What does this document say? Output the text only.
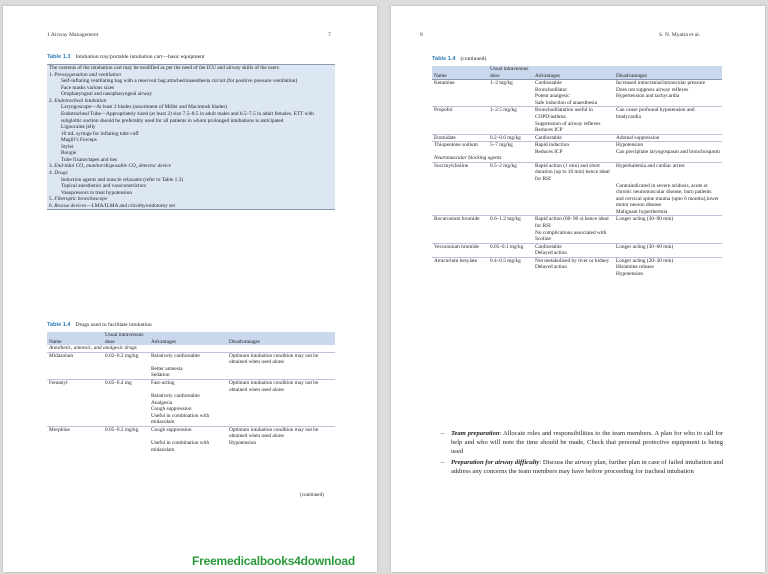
1 Airway Management	7
Table 1.3 Intubation tray/portable intubation cart—basic equipment
The contents of the intubation cart may be modified as per the need of the ICU and airway skills of the users
1. Preoxygenation and ventilation
Self-inflating ventilating bag with a reservoir bag attached/anaesthesia circuit (for positive pressure ventilation)
Face masks various sizes
Oropharyngeal and nasopharyngeal airway
2. Endotracheal intubation
Laryngoscope—At least 2 blades (assortment of Miller and Macintosh blades)
Endotracheal Tube—Appropriately sized (at least 2) size 7.5–8.5 in adult males and 6.5–7.5 in adult females. ETT with subglottic suction should be preferably used for all patients in whom prolonged intubations is anticipated
Lignocaine jelly
10 mL syringe for inflating tube cuff
Magill’s Forceps
Stylet
Bougie
Tube fixator/tapes and ties
3. End-tidal CO₂ monitor/disposable CO₂ detector device
4. Drugs
Induction agents and muscle relaxants (refer to Table 1.3)
Topical anesthetics and vasoconstrictors
Vasopressors to treat hypotension
5. Fiberoptic bronchoscope
6. Rescue devices—LMA/ILMA and cricothyroidotomy set
Table 1.4 Drugs used to facilitate intubation
Name	Usual intravenous dose	Advantages	Disadvantages
Anesthetic, amnesic, and analgesic drugs			
Midazolam	0.02–0.2 mg/kg	Relatively cardiostable	Optimum intubation condition may not be obtained when used alone
		Better amnesia	
		Sedation	
Fentanyl	0.05–0.4 mg	Fast-acting	Optimum intubation condition may not be obtained when used alone
		Relatively cardiostable	
		Analgesia	
		Cough suppression	
		Useful in combination with midazolam	
Morphine	0.05–0.2 mg/kg	Cough suppression	Optimum intubation condition may not be obtained when used alone
		Useful in combination with midazolam	Hypotension
(continued)
Freemedicalbooks4download
8	S. N. Myatra et al.
Table 1.4 (continued)
Name	Usual intravenous dose	Advantages	Disadvantages
Ketamine	1–2 mg/kg	Cardiostable	Increased intracranial/intraocular pressure
		Bronchodilator	Does not suppress airway reflexes
		Potent analgesic	Hypertension and tachycardia
		Safe induction of anaesthesia	
Propofol	1–2.5 mg/kg	Bronchodilatation useful in COPD/asthma	Can cause profound hypotension and bradycardia
		Suppression of airway reflexes	
		Reduces ICP	
Etomidate	0.2–0.6 mg/kg	Cardiostable	Adrenal suppression
Thiopentone sodium	5–7 mg/kg	Rapid induction	Hypotension
		Reduces ICP	Can precipitate laryngospasm and bronchospasm
Neuromuscular blocking agents			
Succinylcholine	0.5–2 mg/kg	Rapid action (1 min) and short duration (up to 10 min) hence ideal for RSI	Hyperkalemia and cardiac arrest
			Contraindicated in severe acidosis, acute or chronic neuromuscular disease, burn patients and cervical spine trauma (upto 6 months),lower motor neuron disease
			Malignant hyperthermia
Rocuronium bromide	0.6–1.2 mg/kg	Rapid action (60–90 s) hence ideal for RSI	Longer acting (30–90 min)
		No complications associated with Scoline	
Vecuronium bromide	0.05–0.1 mg/kg	Cardiostable	Longer acting (30–60 min)
		Delayed action	
Atracurium besylate	0.4–0.5 mg/kg	Not metabolized by liver or kidney	Longer acting (20–30 min)
		Delayed action	Histamine release
			Hypotension
– Team preparation: Allocate roles and responsibilities to the team members. A plan for who to call for help and who will note the time should be made, Check that personal protective equipment is being used
– Preparation for airway difficulty: Discuss the airway plan, further plan in case of failed intubation and address any concerns the team members may have before proceeding for tracheal intubation
